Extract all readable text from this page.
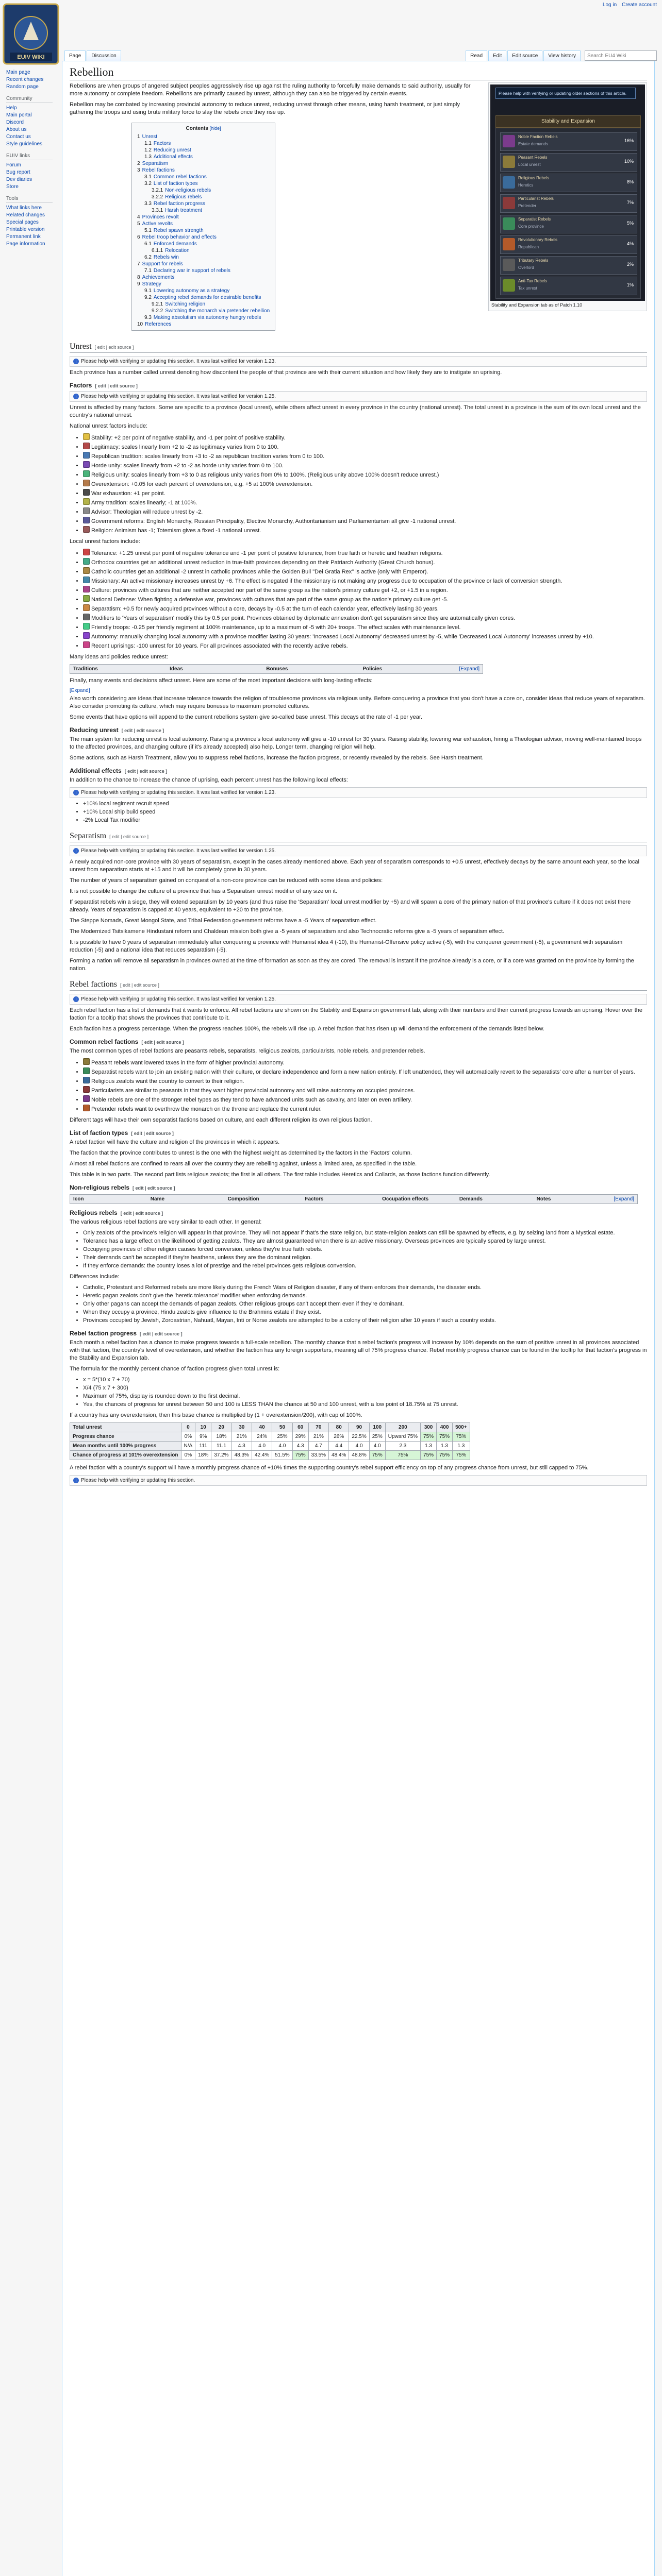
EUIV WIKI
Main page
Recent changes
Random page
Community
Help
Main portal
Discord
About us
Contact us
Style guidelines
EUIV links
Forum
Bug report
Dev diaries
Store
Tools
What links here
Related changes
Special pages
Printable version
Permanent link
Page information
Log in Create account
Page	Discussion	Read	Edit	Edit source	View history
Search EU4 Wiki
Rebellion
Please help with verifying or updating older sections of this article.
Stability and Expansion
Noble Faction Rebels
Estate demands
16%
Peasant Rebels
Local unrest
10%
Religious Rebels
Heretics
8%
Particularist Rebels
Pretender
7%
Separatist Rebels
Core province
5%
Revolutionary Rebels
Republican
4%
Tributary Rebels
Overlord
2%
Anti-Tax Rebels
Tax unrest
1%
Stability and Expansion tab as of Patch 1.10

Rebellions are when groups of angered subject peoples aggressively rise up against the ruling authority to forcefully make demands to said authority, usually for more autonomy or complete freedom. Rebellions are primarily caused by unrest, although they can also be triggered by certain events.

Rebellion may be combated by increasing provincial autonomy to reduce unrest, reducing unrest through other means, using harsh treatment, or just simply gathering the troops and using brute military force to slay the rebels once they rise up.

Contents [hide]
1 Unrest
1.1 Factors
1.2 Reducing unrest
1.3 Additional effects
2 Separatism
3 Rebel factions
3.1 Common rebel factions
3.2 List of faction types
3.2.1 Non-religious rebels
3.2.2 Religious rebels
3.3 Rebel faction progress
3.3.1 Harsh treatment
4 Provinces revolt
5 Active revolts
5.1 Rebel spawn strength
6 Rebel troop behavior and effects
6.1 Enforced demands
6.1.1 Relocation
6.2 Rebels win
7 Support for rebels
7.1 Declaring war in support of rebels
8 Achievements
9 Strategy
9.1 Lowering autonomy as a strategy
9.2 Accepting rebel demands for desirable benefits
9.2.1 Switching religion
9.2.2 Switching the monarch via pretender rebellion
9.3 Making absolutism via autonomy hungry rebels
10 References
Unrest [ edit | edit source ]
i Please help with verifying or updating this section. It was last verified for version 1.23.

Each province has a number called unrest denoting how discontent the people of that province are with their current situation and how likely they are to instigate an uprising.

Factors [ edit | edit source ]
i Please help with verifying or updating this section. It was last verified for version 1.25.

Unrest is affected by many factors. Some are specific to a province (local unrest), while others affect unrest in every province in the country (national unrest). The total unrest in a province is the sum of its own local unrest and the country's national unrest.

National unrest factors include:

• Stability: +2 per point of negative stability, and -1 per point of positive stability.
• Legitimacy: scales linearly from +2 to -2 as legitimacy varies from 0 to 100.
• Republican tradition: scales linearly from +3 to -2 as republican tradition varies from 0 to 100.
• Horde unity: scales linearly from +2 to -2 as horde unity varies from 0 to 100.
• Religious unity: scales linearly from +3 to 0 as religious unity varies from 0% to 100%. (Religious unity above 100% doesn't reduce unrest.)
• Overextension: +0.05 for each percent of overextension, e.g. +5 at 100% overextension.
• War exhaustion: +1 per point.
• Army tradition: scales linearly; -1 at 100%.
• Advisor: Theologian will reduce unrest by -2.
• Government reforms: English Monarchy, Russian Principality, Elective Monarchy, Authoritarianism and Parliamentarism all give -1 national unrest.
• Religion: Animism has -1; Totemism gives a fixed -1 national unrest.

Local unrest factors include:

• Tolerance: +1.25 unrest per point of negative tolerance and -1 per point of positive tolerance, from true faith or heretic and heathen religions.
• Orthodox countries get an additional unrest reduction in true-faith provinces depending on their Patriarch Authority (Great Church bonus).
• Catholic countries get an additional -2 unrest in catholic provinces while the Golden Bull "Dei Gratia Rex" is active (only with Emperor).
• Missionary: An active missionary increases unrest by +6. The effect is negated if the missionary is not making any progress due to occupation of the province or lack of conversion strength.
• Culture: provinces with cultures that are neither accepted nor part of the same group as the nation's primary culture get +2, or +1.5 in a region.
• National Defense: When fighting a defensive war, provinces with cultures that are part of the same group as the nation's primary culture get -5.
• Separatism: +0.5 for newly acquired provinces without a core, decays by -0.5 at the turn of each calendar year, effectively lasting 30 years.
• Modifiers to 'Years of separatism' modify this by 0.5 per point. Provinces obtained by diplomatic annexation don't get separatism since they are automatically given cores.
• Friendly troops: -0.25 per friendly regiment at 100% maintenance, up to a maximum of -5 with 20+ troops. The effect scales with maintenance level.
• Autonomy: manually changing local autonomy with a province modifier lasting 30 years: 'Increased Local Autonomy' decreased unrest by -5, while 'Decreased Local Autonomy' increases unrest by +10.
• Recent uprisings: -100 unrest for 10 years. For all provinces associated with the recently active rebels.

Many ideas and policies reduce unrest:

Traditions	Ideas	Bonuses	Policies	[Expand]

Finally, many events and decisions affect unrest. Here are some of the most important decisions with long-lasting effects:

[Expand]

Also worth considering are ideas that increase tolerance towards the religion of troublesome provinces via religious unity. Before conquering a province that you don't have a core on, consider ideas that reduce years of separatism. Also consider promoting its culture, which may require bonuses to maximum promoted cultures.

Some events that have options will append to the current rebellions system give so-called base unrest. This decays at the rate of -1 per year.

Reducing unrest [ edit | edit source ]

The main system for reducing unrest is local autonomy. Raising a province's local autonomy will give a -10 unrest for 30 years. Raising stability, lowering war exhaustion, hiring a Theologian advisor, moving well-maintained troops to the affected provinces, and changing culture (if it's already accepted) also help. Longer term, changing religion will help.

Some actions, such as Harsh Treatment, allow you to suppress rebel factions, increase the faction progress, or recently revealed by the rebels. See Harsh treatment.

Additional effects [ edit | edit source ]

In addition to the chance to increase the chance of uprising, each percent unrest has the following local effects:

i Please help with verifying or updating this section. It was last verified for version 1.23.
• +10% local regiment recruit speed
• +10% Local ship build speed
• -2% Local Tax modifier
Separatism [ edit | edit source ]
i Please help with verifying or updating this section. It was last verified for version 1.25.

A newly acquired non-core province with 30 years of separatism, except in the cases already mentioned above. Each year of separatism corresponds to +0.5 unrest, effectively decays by the same amount each year, so the local unrest from separatism starts at +15 and it will be completely gone in 30 years.

The number of years of separatism gained on conquest of a non-core province can be reduced with some ideas and policies:

It is not possible to change the culture of a province that has a Separatism unrest modifier of any size on it.

If separatist rebels win a siege, they will extend separatism by 10 years (and thus raise the 'Separatism' local unrest modifier by +5) and will spawn a core of the primary nation of that province's culture if it does not exist there already. Years of separatism is capped at 40 years, equivalent to +20 to the province.

The Steppe Nomads, Great Mongol State, and Tribal Federation government reforms have a -5 Years of separatism effect.

The Modernized Tsitsikamene Hindustani reform and Chaldean mission both give a -5 years of separatism and also Technocratic reforms give a -5 years of separatism effect.

It is possible to have 0 years of separatism immediately after conquering a province with Humanist idea 4 (-10), the Humanist-Offensive policy active (-5), with the conquerer government (-5), a government with separatism reduction (-5) and a national idea that reduces separatism (-5).

Forming a nation will remove all separatism in provinces owned at the time of formation as soon as they are cored. The removal is instant if the province already is a core, or if a core was granted on the province by forming the nation.

Rebel factions [ edit | edit source ]
i Please help with verifying or updating this section. It was last verified for version 1.25.

Each rebel faction has a list of demands that it wants to enforce. All rebel factions are shown on the Stability and Expansion government tab, along with their numbers and their current progress towards an uprising. Hover over the faction for a tooltip that shows the provinces that contribute to it.

Each faction has a progress percentage. When the progress reaches 100%, the rebels will rise up. A rebel faction that has risen up will demand the enforcement of the demands listed below.

Common rebel factions [ edit | edit source ]

The most common types of rebel factions are peasants rebels, separatists, religious zealots, particularists, noble rebels, and pretender rebels.

• Peasant rebels want lowered taxes in the form of higher provincial autonomy.
• Separatist rebels want to join an existing nation with their culture, or declare independence and form a new nation entirely. If left unattended, they will automatically revert to the separatists' core after a number of years.
• Religious zealots want the country to convert to their religion.
• Particularists are similar to peasants in that they want higher provincial autonomy and will raise autonomy on occupied provinces.
• Noble rebels are one of the stronger rebel types as they tend to have advanced units such as cavalry, and later on even artillery.
• Pretender rebels want to overthrow the monarch on the throne and replace the current ruler.

Different tags will have their own separatist factions based on culture, and each different religion its own religious faction.

List of faction types [ edit | edit source ]

A rebel faction will have the culture and religion of the provinces in which it appears.

The faction that the province contributes to unrest is the one with the highest weight as determined by the factors in the 'Factors' column.

Almost all rebel factions are confined to rears all over the country they are rebelling against, unless a limited area, as specified in the table.

This table is in two parts. The second part lists religious zealots; the first is all others. The first table includes Heretics and Collards, as those factions function differently.

Non-religious rebels [ edit | edit source ]
Icon	Name	Composition	Factors	Occupation effects	Demands	Notes	[Expand]
Religious rebels [ edit | edit source ]

The various religious rebel factions are very similar to each other. In general:

• Only zealots of the province's religion will appear in that province. They will not appear if that's the state religion, but state-religion zealots can still be spawned by effects, e.g. by seizing land from a Mystical estate.
• Tolerance has a large effect on the likelihood of getting zealots. They are almost guaranteed when there is an active missionary. Overseas provinces are typically spared by large unrest.
• Occupying provinces of other religion causes forced conversion, unless they're true faith rebels.
• Their demands can't be accepted if they're heathens, unless they are the dominant religion.
• If they enforce demands: the country loses a lot of prestige and the rebel provinces gets religious conversion.

Differences include:

• Catholic, Protestant and Reformed rebels are more likely during the French Wars of Religion disaster, if any of them enforces their demands, the disaster ends.
• Heretic pagan zealots don't give the 'heretic tolerance' modifier when enforcing demands.
• Only other pagans can accept the demands of pagan zealots. Other religious groups can't accept them even if they're dominant.
• When they occupy a province, Hindu zealots give influence to the Brahmins estate if they exist.
• Provinces occupied by Jewish, Zoroastrian, Nahuatl, Mayan, Inti or Norse zealots are attempted to be a colony of their religion after 10 years if such a country exists.
Rebel faction progress [ edit | edit source ]

Each month a rebel faction has a chance to make progress towards a full-scale rebellion. The monthly chance that a rebel faction's progress will increase by 10% depends on the sum of positive unrest in all provinces associated with that faction, the country's level of overextension, and whether the faction has any foreign supporters, meaning all of 75% progress chance. Rebel monthly progress chance can be found in the tooltip for that faction's progress in the Stability and Expansion tab.

The formula for the monthly percent chance of faction progress given total unrest is:

• x = 5*(10 x 7 + 70)
• X/4 (75 x 7 + 300)
• Maximum of 75%, display is rounded down to the first decimal.
• Yes, the chances of progress for unrest between 50 and 100 is LESS THAN the chance at 50 and 100 unrest, with a low point of 18.75% at 75 unrest.

If a country has any overextension, then this base chance is multiplied by (1 + overextension/200), with cap of 100%.

Total unrest	0	10	20	30	40	50	60	70	80	90	100	200	300	400	500+
Progress chance	0%	9%	18%	21%	24%	25%	29%	21%	26%	22.5%	25%	Upward 75%	75%	75%	75%
Mean months until 100% progress	N/A	111	11.1	4.3	4.0	4.0	4.3	4.7	4.4	4.0	4.0	2.3	1.3	1.3	1.3
Chance of progress at 101% overextension	0%	18%	37.2%	48.3%	42.4%	51.5%	75%	33.5%	48.4%	48.8%	75%	75%	75%	75%	75%

A rebel faction with a country's support will have a monthly progress chance of +10% times the supporting country's rebel support efficiency on top of any progress chance from unrest, but still capped to 75%.

i Please help with verifying or updating this section.
